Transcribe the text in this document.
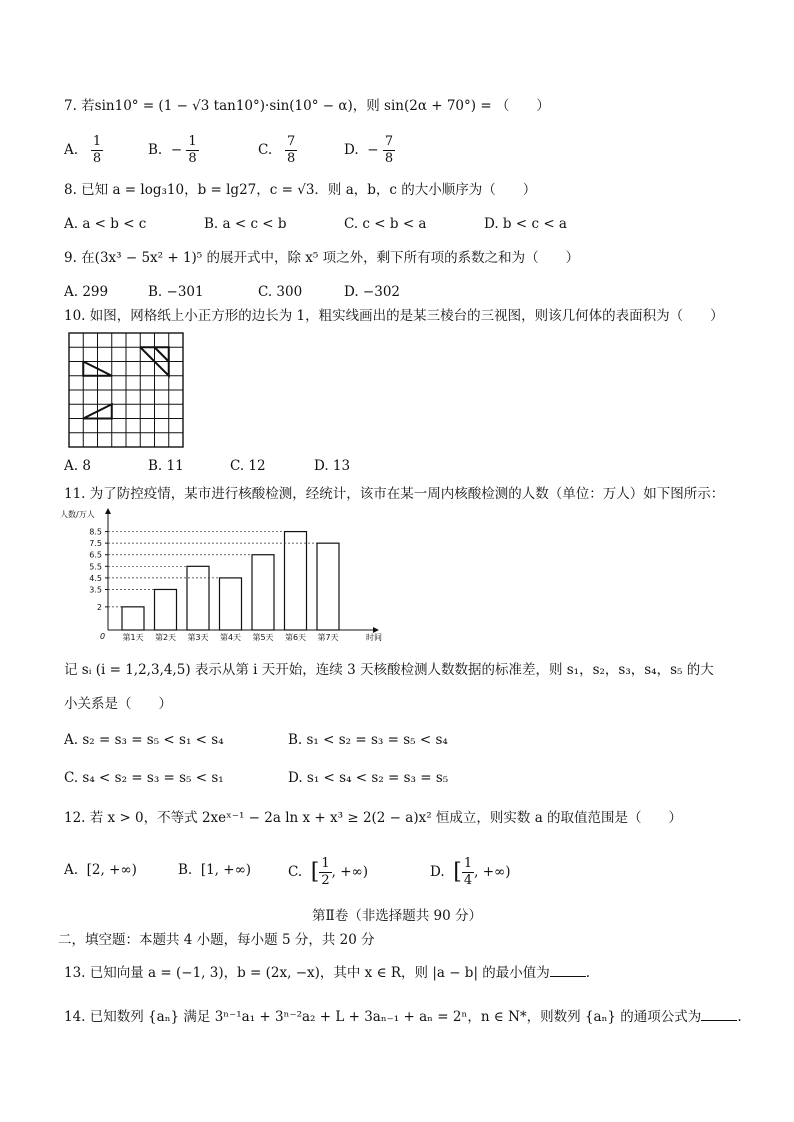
7. 若sin10° = (1 − √3 tan10°)·sin(10° − α)，则 sin(2α + 70°) = （　　）
A. $\frac{1}{8}$	B. − $\frac{1}{8}$	C. $\frac{7}{8}$	D. − $\frac{7}{8}$
8. 已知 a = log₃10，b = lg27，c = √3．则 a，b，c 的大小顺序为（　　）
A. a < b < c	B. a < c < b	C. c < b < a	D. b < c < a
9. 在(3x³ − 5x² + 1)⁵ 的展开式中，除 x⁵ 项之外，剩下所有项的系数之和为（　　）
A. 299	B. −301	C. 300	D. −302
10. 如图，网格纸上小正方形的边长为 1，粗实线画出的是某三棱台的三视图，则该几何体的表面积为（　　）
A. 8	B. 11	C. 12	D. 13
11. 为了防控疫情，某市进行核酸检测，经统计，该市在某一周内核酸检测的人数（单位：万人）如下图所示：
人数/万人
时间
0
2
3.5
4.5
5.5
6.5
7.5
8.5
第1天 第2天 第3天 第4天 第5天 第6天 第7天
记 sᵢ (i = 1,2,3,4,5) 表示从第 i 天开始，连续 3 天核酸检测人数数据的标准差，则 s₁，s₂，s₃，s₄，s₅ 的大
小关系是（　　）
A. s₂ = s₃ = s₅ < s₁ < s₄	B. s₁ < s₂ = s₃ = s₅ < s₄
C. s₄ < s₂ = s₃ = s₅ < s₁	D. s₁ < s₄ < s₂ = s₃ = s₅
12. 若 x > 0，不等式 2xeˣ⁻¹ − 2a ln x + x³ ≥ 2(2 − a)x² 恒成立，则实数 a 的取值范围是（　　）
A. [2, +∞)	B. [1, +∞)	C. [ $\frac{1}{2}$ , +∞)	D. [ $\frac{1}{4}$ , +∞)
第Ⅱ卷（非选择题共 90 分）
二，填空题：本题共 4 小题，每小题 5 分，共 20 分
13. 已知向量 a = (−1, 3)，b = (2x, −x)，其中 x ∈ R，则 |a − b| 的最小值为	.
14. 已知数列 {aₙ} 满足 3ⁿ⁻¹a₁ + 3ⁿ⁻²a₂ + L + 3aₙ₋₁ + aₙ = 2ⁿ，n ∈ N*，则数列 {aₙ} 的通项公式为	.
